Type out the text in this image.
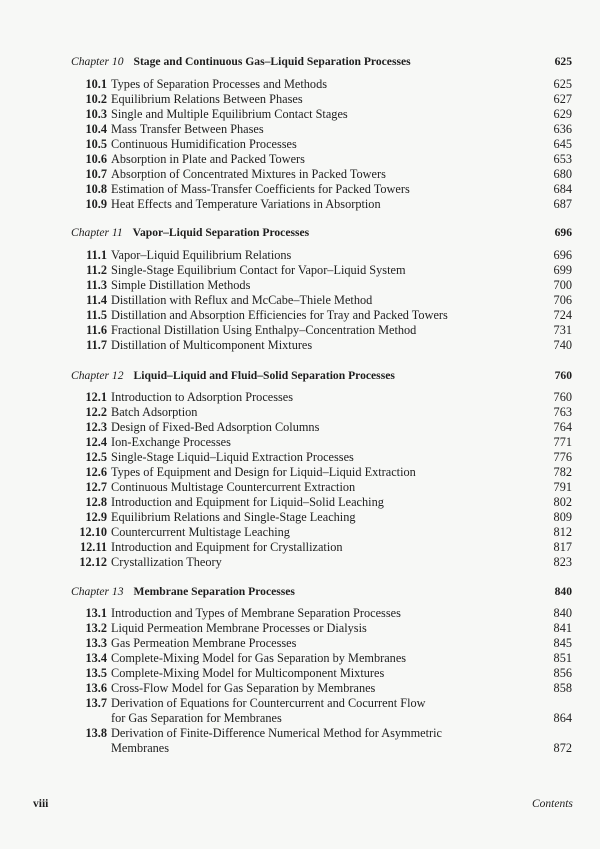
Chapter 10 Stage and Continuous Gas–Liquid Separation Processes	625
10.1 Types of Separation Processes and Methods	625
10.2 Equilibrium Relations Between Phases	627
10.3 Single and Multiple Equilibrium Contact Stages	629
10.4 Mass Transfer Between Phases	636
10.5 Continuous Humidification Processes	645
10.6 Absorption in Plate and Packed Towers	653
10.7 Absorption of Concentrated Mixtures in Packed Towers	680
10.8 Estimation of Mass-Transfer Coefficients for Packed Towers	684
10.9 Heat Effects and Temperature Variations in Absorption	687
Chapter 11 Vapor–Liquid Separation Processes	696
11.1 Vapor–Liquid Equilibrium Relations	696
11.2 Single-Stage Equilibrium Contact for Vapor–Liquid System	699
11.3 Simple Distillation Methods	700
11.4 Distillation with Reflux and McCabe–Thiele Method	706
11.5 Distillation and Absorption Efficiencies for Tray and Packed Towers	724
11.6 Fractional Distillation Using Enthalpy–Concentration Method	731
11.7 Distillation of Multicomponent Mixtures	740
Chapter 12 Liquid–Liquid and Fluid–Solid Separation Processes	760
12.1 Introduction to Adsorption Processes	760
12.2 Batch Adsorption	763
12.3 Design of Fixed-Bed Adsorption Columns	764
12.4 Ion-Exchange Processes	771
12.5 Single-Stage Liquid–Liquid Extraction Processes	776
12.6 Types of Equipment and Design for Liquid–Liquid Extraction	782
12.7 Continuous Multistage Countercurrent Extraction	791
12.8 Introduction and Equipment for Liquid–Solid Leaching	802
12.9 Equilibrium Relations and Single-Stage Leaching	809
12.10 Countercurrent Multistage Leaching	812
12.11 Introduction and Equipment for Crystallization	817
12.12 Crystallization Theory	823
Chapter 13 Membrane Separation Processes	840
13.1 Introduction and Types of Membrane Separation Processes	840
13.2 Liquid Permeation Membrane Processes or Dialysis	841
13.3 Gas Permeation Membrane Processes	845
13.4 Complete-Mixing Model for Gas Separation by Membranes	851
13.5 Complete-Mixing Model for Multicomponent Mixtures	856
13.6 Cross-Flow Model for Gas Separation by Membranes	858
13.7 Derivation of Equations for Countercurrent and Cocurrent Flow
for Gas Separation for Membranes	864
13.8 Derivation of Finite-Difference Numerical Method for Asymmetric
Membranes	872
viii	Contents
